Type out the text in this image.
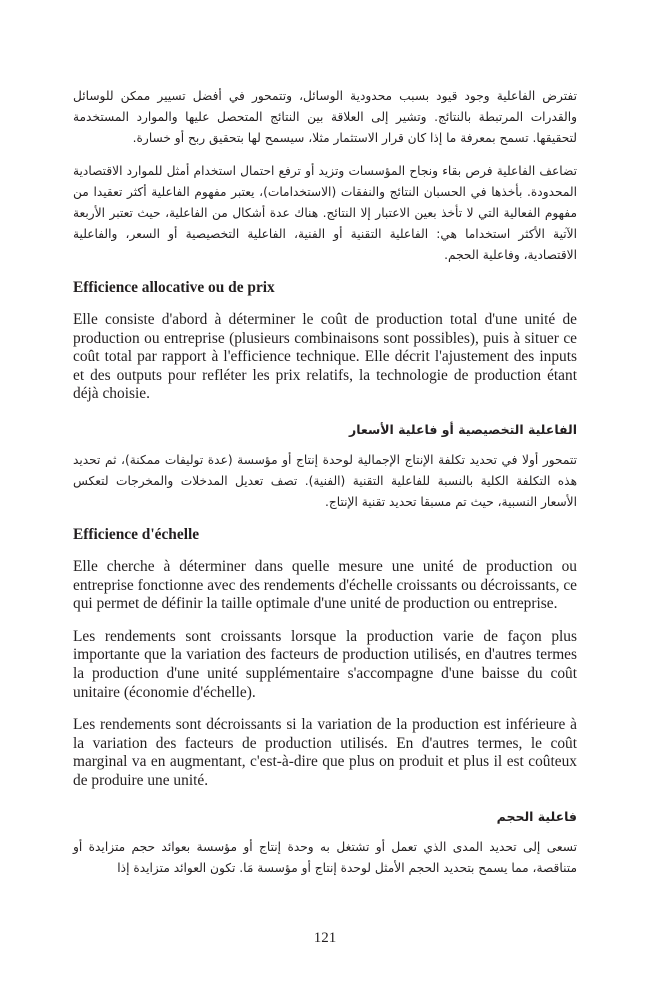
تفترض الفاعلية وجود قيود بسبب محدودية الوسائل، وتتمحور في أفضل تسيير ممكن للوسائل والقدرات المرتبطة بالنتائج. وتشير إلى العلاقة بين النتائج المتحصل عليها والموارد المستخدمة لتحقيقها. تسمح بمعرفة ما إذا كان قرار الاستثمار مثلا، سيسمح لها بتحقيق ربح أو خسارة.

تضاعف الفاعلية فرص بقاء ونجاح المؤسسات وتزيد أو ترفع احتمال استخدام أمثل للموارد الاقتصادية المحدودة. بأخذها في الحسبان النتائج والنفقات (الاستخدامات)، يعتبر مفهوم الفاعلية أكثر تعقيدا من مفهوم الفعالية التي لا تأخذ بعين الاعتبار إلا النتائج. هناك عدة أشكال من الفاعلية، حيث تعتبر الأربعة الآتية الأكثر استخداما هي: الفاعلية التقنية أو الفنية، الفاعلية التخصيصية أو السعر، والفاعلية الاقتصادية، وفاعلية الحجم.

Efficience allocative ou de prix

Elle consiste d'abord à déterminer le coût de production total d'une unité de production ou entreprise (plusieurs combinaisons sont possibles), puis à situer ce coût total par rapport à l'efficience technique. Elle décrit l'ajustement des inputs et des outputs pour refléter les prix relatifs, la technologie de production étant déjà choisie.

الفاعلية التخصيصية أو فاعلية الأسعار

تتمحور أولا في تحديد تكلفة الإنتاج الإجمالية لوحدة إنتاج أو مؤسسة (عدة توليفات ممكنة)، ثم تحديد هذه التكلفة الكلية بالنسبة للفاعلية التقنية (الفنية). تصف تعديل المدخلات والمخرجات لتعكس الأسعار النسبية، حيث تم مسبقا تحديد تقنية الإنتاج.

Efficience d'échelle

Elle cherche à déterminer dans quelle mesure une unité de production ou entreprise fonctionne avec des rendements d'échelle croissants ou décroissants, ce qui permet de définir la taille optimale d'une unité de production ou entreprise.

Les rendements sont croissants lorsque la production varie de façon plus importante que la variation des facteurs de production utilisés, en d'autres termes la production d'une unité supplémentaire s'accompagne d'une baisse du coût unitaire (économie d'échelle).

Les rendements sont décroissants si la variation de la production est inférieure à la variation des facteurs de production utilisés. En d'autres termes, le coût marginal va en augmentant, c'est-à-dire que plus on produit et plus il est coûteux de produire une unité.

فاعلية الحجم

تسعى إلى تحديد المدى الذي تعمل أو تشتغل به وحدة إنتاج أو مؤسسة بعوائد حجم متزايدة أو متناقصة، مما يسمح بتحديد الحجم الأمثل لوحدة إنتاج أو مؤسسة مَا. تكون العوائد متزايدة إذا

121
